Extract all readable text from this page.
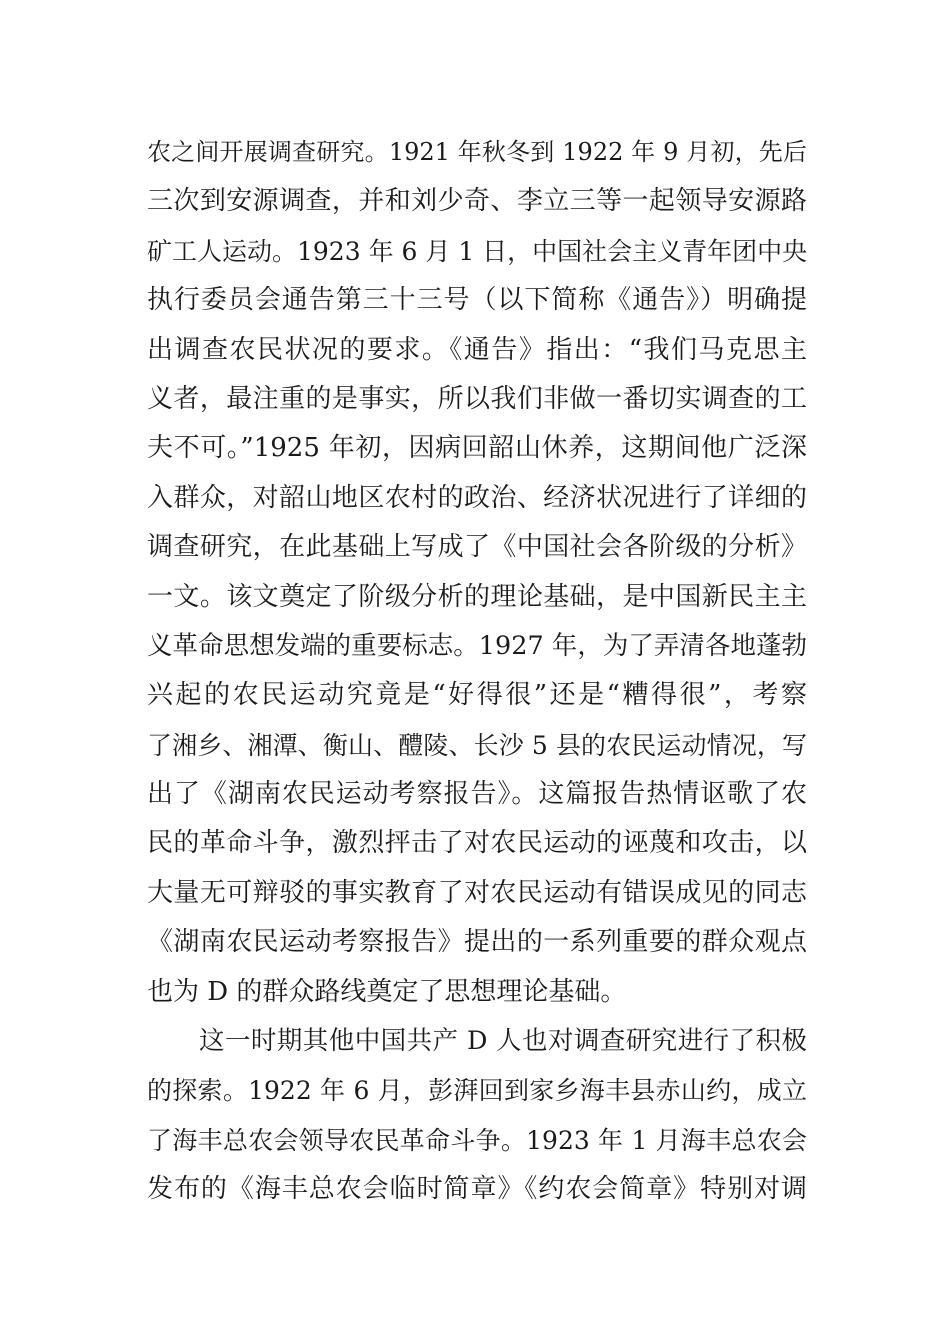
农之间开展调查研究。1921 年秋冬到 1922 年 9 月初，先后
三次到安源调查，并和刘少奇、李立三等一起领导安源路
矿工人运动。1923 年 6 月 1 日，中国社会主义青年团中央
执行委员会通告第三十三号（以下简称《通告》）明确提
出调查农民状况的要求。《通告》指出：“我们马克思主
义者，最注重的是事实，所以我们非做一番切实调查的工
夫不可。”1925 年初，因病回韶山休养，这期间他广泛深
入群众，对韶山地区农村的政治、经济状况进行了详细的
调查研究，在此基础上写成了《中国社会各阶级的分析》
一文。该文奠定了阶级分析的理论基础，是中国新民主主
义革命思想发端的重要标志。1927 年，为了弄清各地蓬勃
兴起的农民运动究竟是“好得很”还是“糟得很”，考察
了湘乡、湘潭、衡山、醴陵、长沙 5 县的农民运动情况，写
出了《湖南农民运动考察报告》。这篇报告热情讴歌了农
民的革命斗争，激烈抨击了对农民运动的诬蔑和攻击，以
大量无可辩驳的事实教育了对农民运动有错误成见的同志
《湖南农民运动考察报告》提出的一系列重要的群众观点
也为 D 的群众路线奠定了思想理论基础。
这一时期其他中国共产 D 人也对调查研究进行了积极
的探索。1922 年 6 月，彭湃回到家乡海丰县赤山约，成立
了海丰总农会领导农民革命斗争。1923 年 1 月海丰总农会
发布的《海丰总农会临时简章》《约农会简章》特别对调
